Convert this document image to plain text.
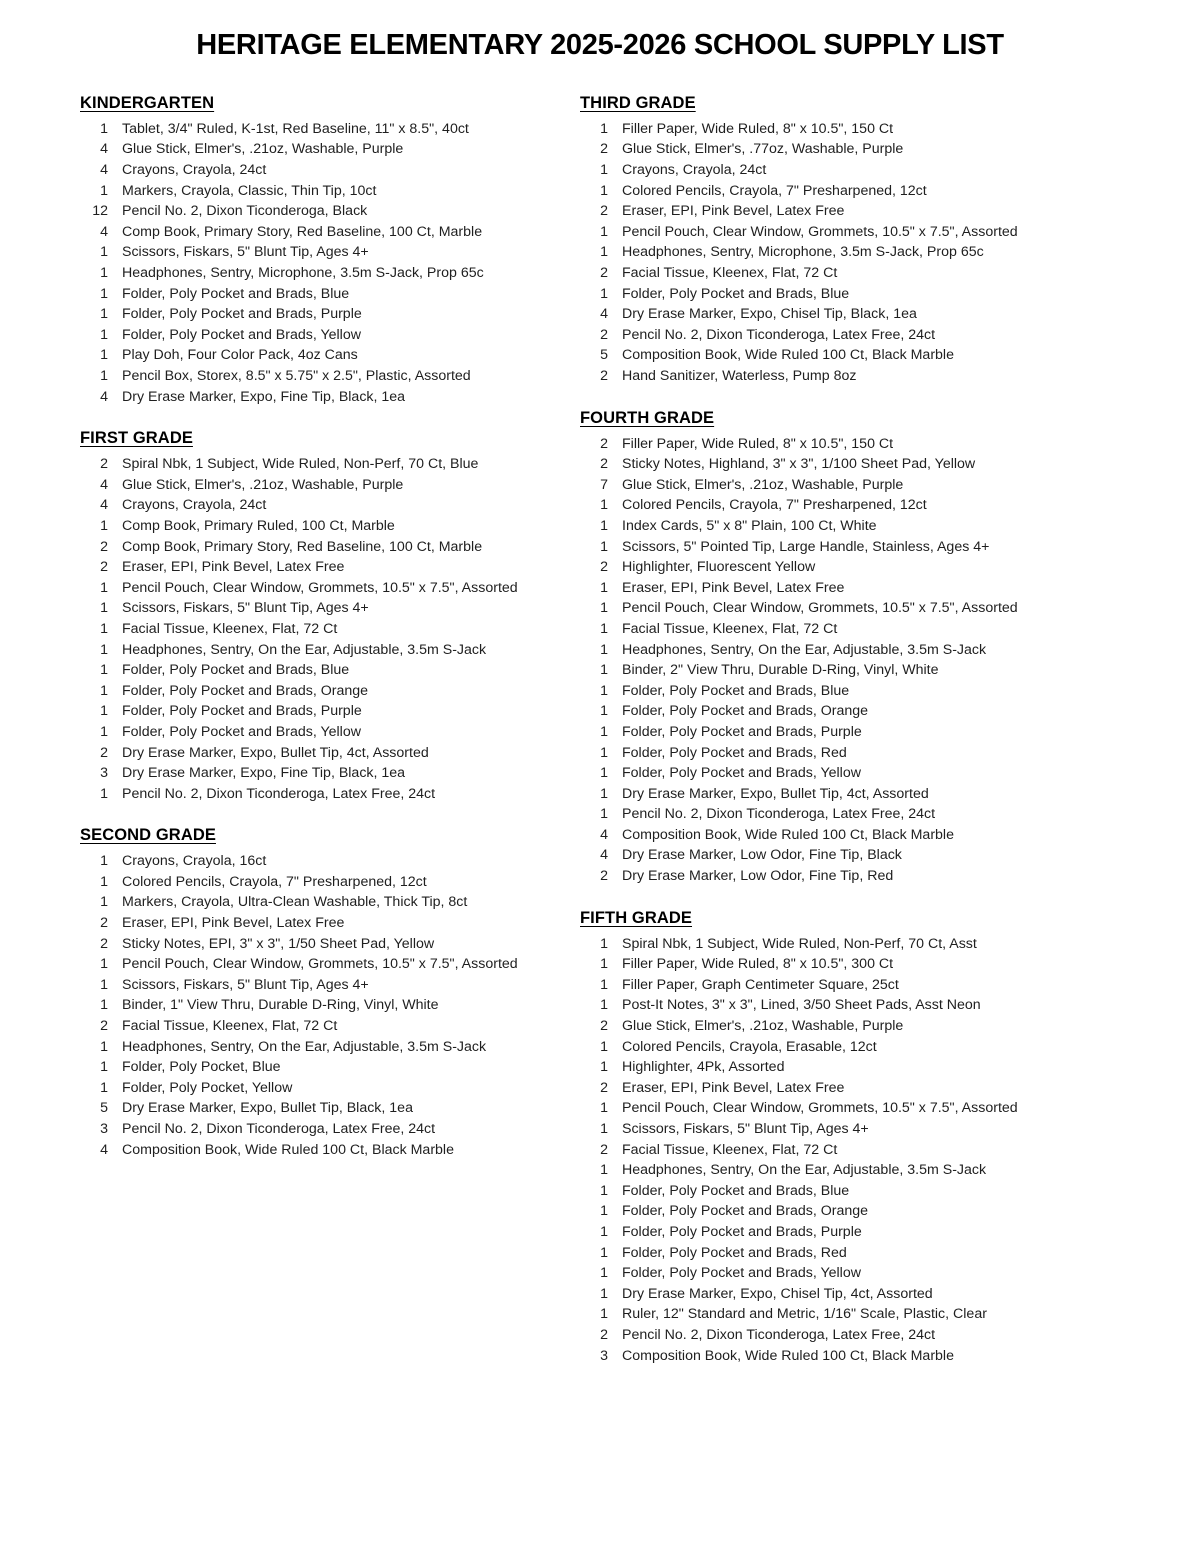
HERITAGE ELEMENTARY 2025-2026 SCHOOL SUPPLY LIST
KINDERGARTEN
1 Tablet, 3/4" Ruled, K-1st, Red Baseline, 11" x 8.5", 40ct
4 Glue Stick, Elmer's, .21oz, Washable, Purple
4 Crayons, Crayola, 24ct
1 Markers, Crayola, Classic, Thin Tip, 10ct
12 Pencil No. 2, Dixon Ticonderoga, Black
4 Comp Book, Primary Story, Red Baseline, 100 Ct, Marble
1 Scissors, Fiskars, 5" Blunt Tip, Ages 4+
1 Headphones, Sentry, Microphone, 3.5m S-Jack, Prop 65c
1 Folder, Poly Pocket and Brads, Blue
1 Folder, Poly Pocket and Brads, Purple
1 Folder, Poly Pocket and Brads, Yellow
1 Play Doh, Four Color Pack, 4oz Cans
1 Pencil Box, Storex, 8.5" x 5.75" x 2.5", Plastic, Assorted
4 Dry Erase Marker, Expo, Fine Tip, Black, 1ea
FIRST GRADE
2 Spiral Nbk, 1 Subject, Wide Ruled, Non-Perf, 70 Ct, Blue
4 Glue Stick, Elmer's, .21oz, Washable, Purple
4 Crayons, Crayola, 24ct
1 Comp Book, Primary Ruled, 100 Ct, Marble
2 Comp Book, Primary Story, Red Baseline, 100 Ct, Marble
2 Eraser, EPI, Pink Bevel, Latex Free
1 Pencil Pouch, Clear Window, Grommets, 10.5" x 7.5", Assorted
1 Scissors, Fiskars, 5" Blunt Tip, Ages 4+
1 Facial Tissue, Kleenex, Flat, 72 Ct
1 Headphones, Sentry, On the Ear, Adjustable, 3.5m S-Jack
1 Folder, Poly Pocket and Brads, Blue
1 Folder, Poly Pocket and Brads, Orange
1 Folder, Poly Pocket and Brads, Purple
1 Folder, Poly Pocket and Brads, Yellow
2 Dry Erase Marker, Expo, Bullet Tip, 4ct, Assorted
3 Dry Erase Marker, Expo, Fine Tip, Black, 1ea
1 Pencil No. 2, Dixon Ticonderoga, Latex Free, 24ct
SECOND GRADE
1 Crayons, Crayola, 16ct
1 Colored Pencils, Crayola, 7" Presharpened, 12ct
1 Markers, Crayola, Ultra-Clean Washable, Thick Tip, 8ct
2 Eraser, EPI, Pink Bevel, Latex Free
2 Sticky Notes, EPI, 3" x 3", 1/50 Sheet Pad, Yellow
1 Pencil Pouch, Clear Window, Grommets, 10.5" x 7.5", Assorted
1 Scissors, Fiskars, 5" Blunt Tip, Ages 4+
1 Binder, 1" View Thru, Durable D-Ring, Vinyl, White
2 Facial Tissue, Kleenex, Flat, 72 Ct
1 Headphones, Sentry, On the Ear, Adjustable, 3.5m S-Jack
1 Folder, Poly Pocket, Blue
1 Folder, Poly Pocket, Yellow
5 Dry Erase Marker, Expo, Bullet Tip, Black, 1ea
3 Pencil No. 2, Dixon Ticonderoga, Latex Free, 24ct
4 Composition Book, Wide Ruled 100 Ct, Black Marble
THIRD GRADE
1 Filler Paper, Wide Ruled, 8" x 10.5", 150 Ct
2 Glue Stick, Elmer's, .77oz, Washable, Purple
1 Crayons, Crayola, 24ct
1 Colored Pencils, Crayola, 7" Presharpened, 12ct
2 Eraser, EPI, Pink Bevel, Latex Free
1 Pencil Pouch, Clear Window, Grommets, 10.5" x 7.5", Assorted
1 Headphones, Sentry, Microphone, 3.5m S-Jack, Prop 65c
2 Facial Tissue, Kleenex, Flat, 72 Ct
1 Folder, Poly Pocket and Brads, Blue
4 Dry Erase Marker, Expo, Chisel Tip, Black, 1ea
2 Pencil No. 2, Dixon Ticonderoga, Latex Free, 24ct
5 Composition Book, Wide Ruled 100 Ct, Black Marble
2 Hand Sanitizer, Waterless, Pump 8oz
FOURTH GRADE
2 Filler Paper, Wide Ruled, 8" x 10.5", 150 Ct
2 Sticky Notes, Highland, 3" x 3", 1/100 Sheet Pad, Yellow
7 Glue Stick, Elmer's, .21oz, Washable, Purple
1 Colored Pencils, Crayola, 7" Presharpened, 12ct
1 Index Cards, 5" x 8" Plain, 100 Ct, White
1 Scissors, 5" Pointed Tip, Large Handle, Stainless, Ages 4+
2 Highlighter, Fluorescent Yellow
1 Eraser, EPI, Pink Bevel, Latex Free
1 Pencil Pouch, Clear Window, Grommets, 10.5" x 7.5", Assorted
1 Facial Tissue, Kleenex, Flat, 72 Ct
1 Headphones, Sentry, On the Ear, Adjustable, 3.5m S-Jack
1 Binder, 2" View Thru, Durable D-Ring, Vinyl, White
1 Folder, Poly Pocket and Brads, Blue
1 Folder, Poly Pocket and Brads, Orange
1 Folder, Poly Pocket and Brads, Purple
1 Folder, Poly Pocket and Brads, Red
1 Folder, Poly Pocket and Brads, Yellow
1 Dry Erase Marker, Expo, Bullet Tip, 4ct, Assorted
1 Pencil No. 2, Dixon Ticonderoga, Latex Free, 24ct
4 Composition Book, Wide Ruled 100 Ct, Black Marble
4 Dry Erase Marker, Low Odor, Fine Tip, Black
2 Dry Erase Marker, Low Odor, Fine Tip, Red
FIFTH GRADE
1 Spiral Nbk, 1 Subject, Wide Ruled, Non-Perf, 70 Ct, Asst
1 Filler Paper, Wide Ruled, 8" x 10.5", 300 Ct
1 Filler Paper, Graph Centimeter Square, 25ct
1 Post-It Notes, 3" x 3", Lined, 3/50 Sheet Pads, Asst Neon
2 Glue Stick, Elmer's, .21oz, Washable, Purple
1 Colored Pencils, Crayola, Erasable, 12ct
1 Highlighter, 4Pk, Assorted
2 Eraser, EPI, Pink Bevel, Latex Free
1 Pencil Pouch, Clear Window, Grommets, 10.5" x 7.5", Assorted
1 Scissors, Fiskars, 5" Blunt Tip, Ages 4+
2 Facial Tissue, Kleenex, Flat, 72 Ct
1 Headphones, Sentry, On the Ear, Adjustable, 3.5m S-Jack
1 Folder, Poly Pocket and Brads, Blue
1 Folder, Poly Pocket and Brads, Orange
1 Folder, Poly Pocket and Brads, Purple
1 Folder, Poly Pocket and Brads, Red
1 Folder, Poly Pocket and Brads, Yellow
1 Dry Erase Marker, Expo, Chisel Tip, 4ct, Assorted
1 Ruler, 12" Standard and Metric, 1/16" Scale, Plastic, Clear
2 Pencil No. 2, Dixon Ticonderoga, Latex Free, 24ct
3 Composition Book, Wide Ruled 100 Ct, Black Marble
